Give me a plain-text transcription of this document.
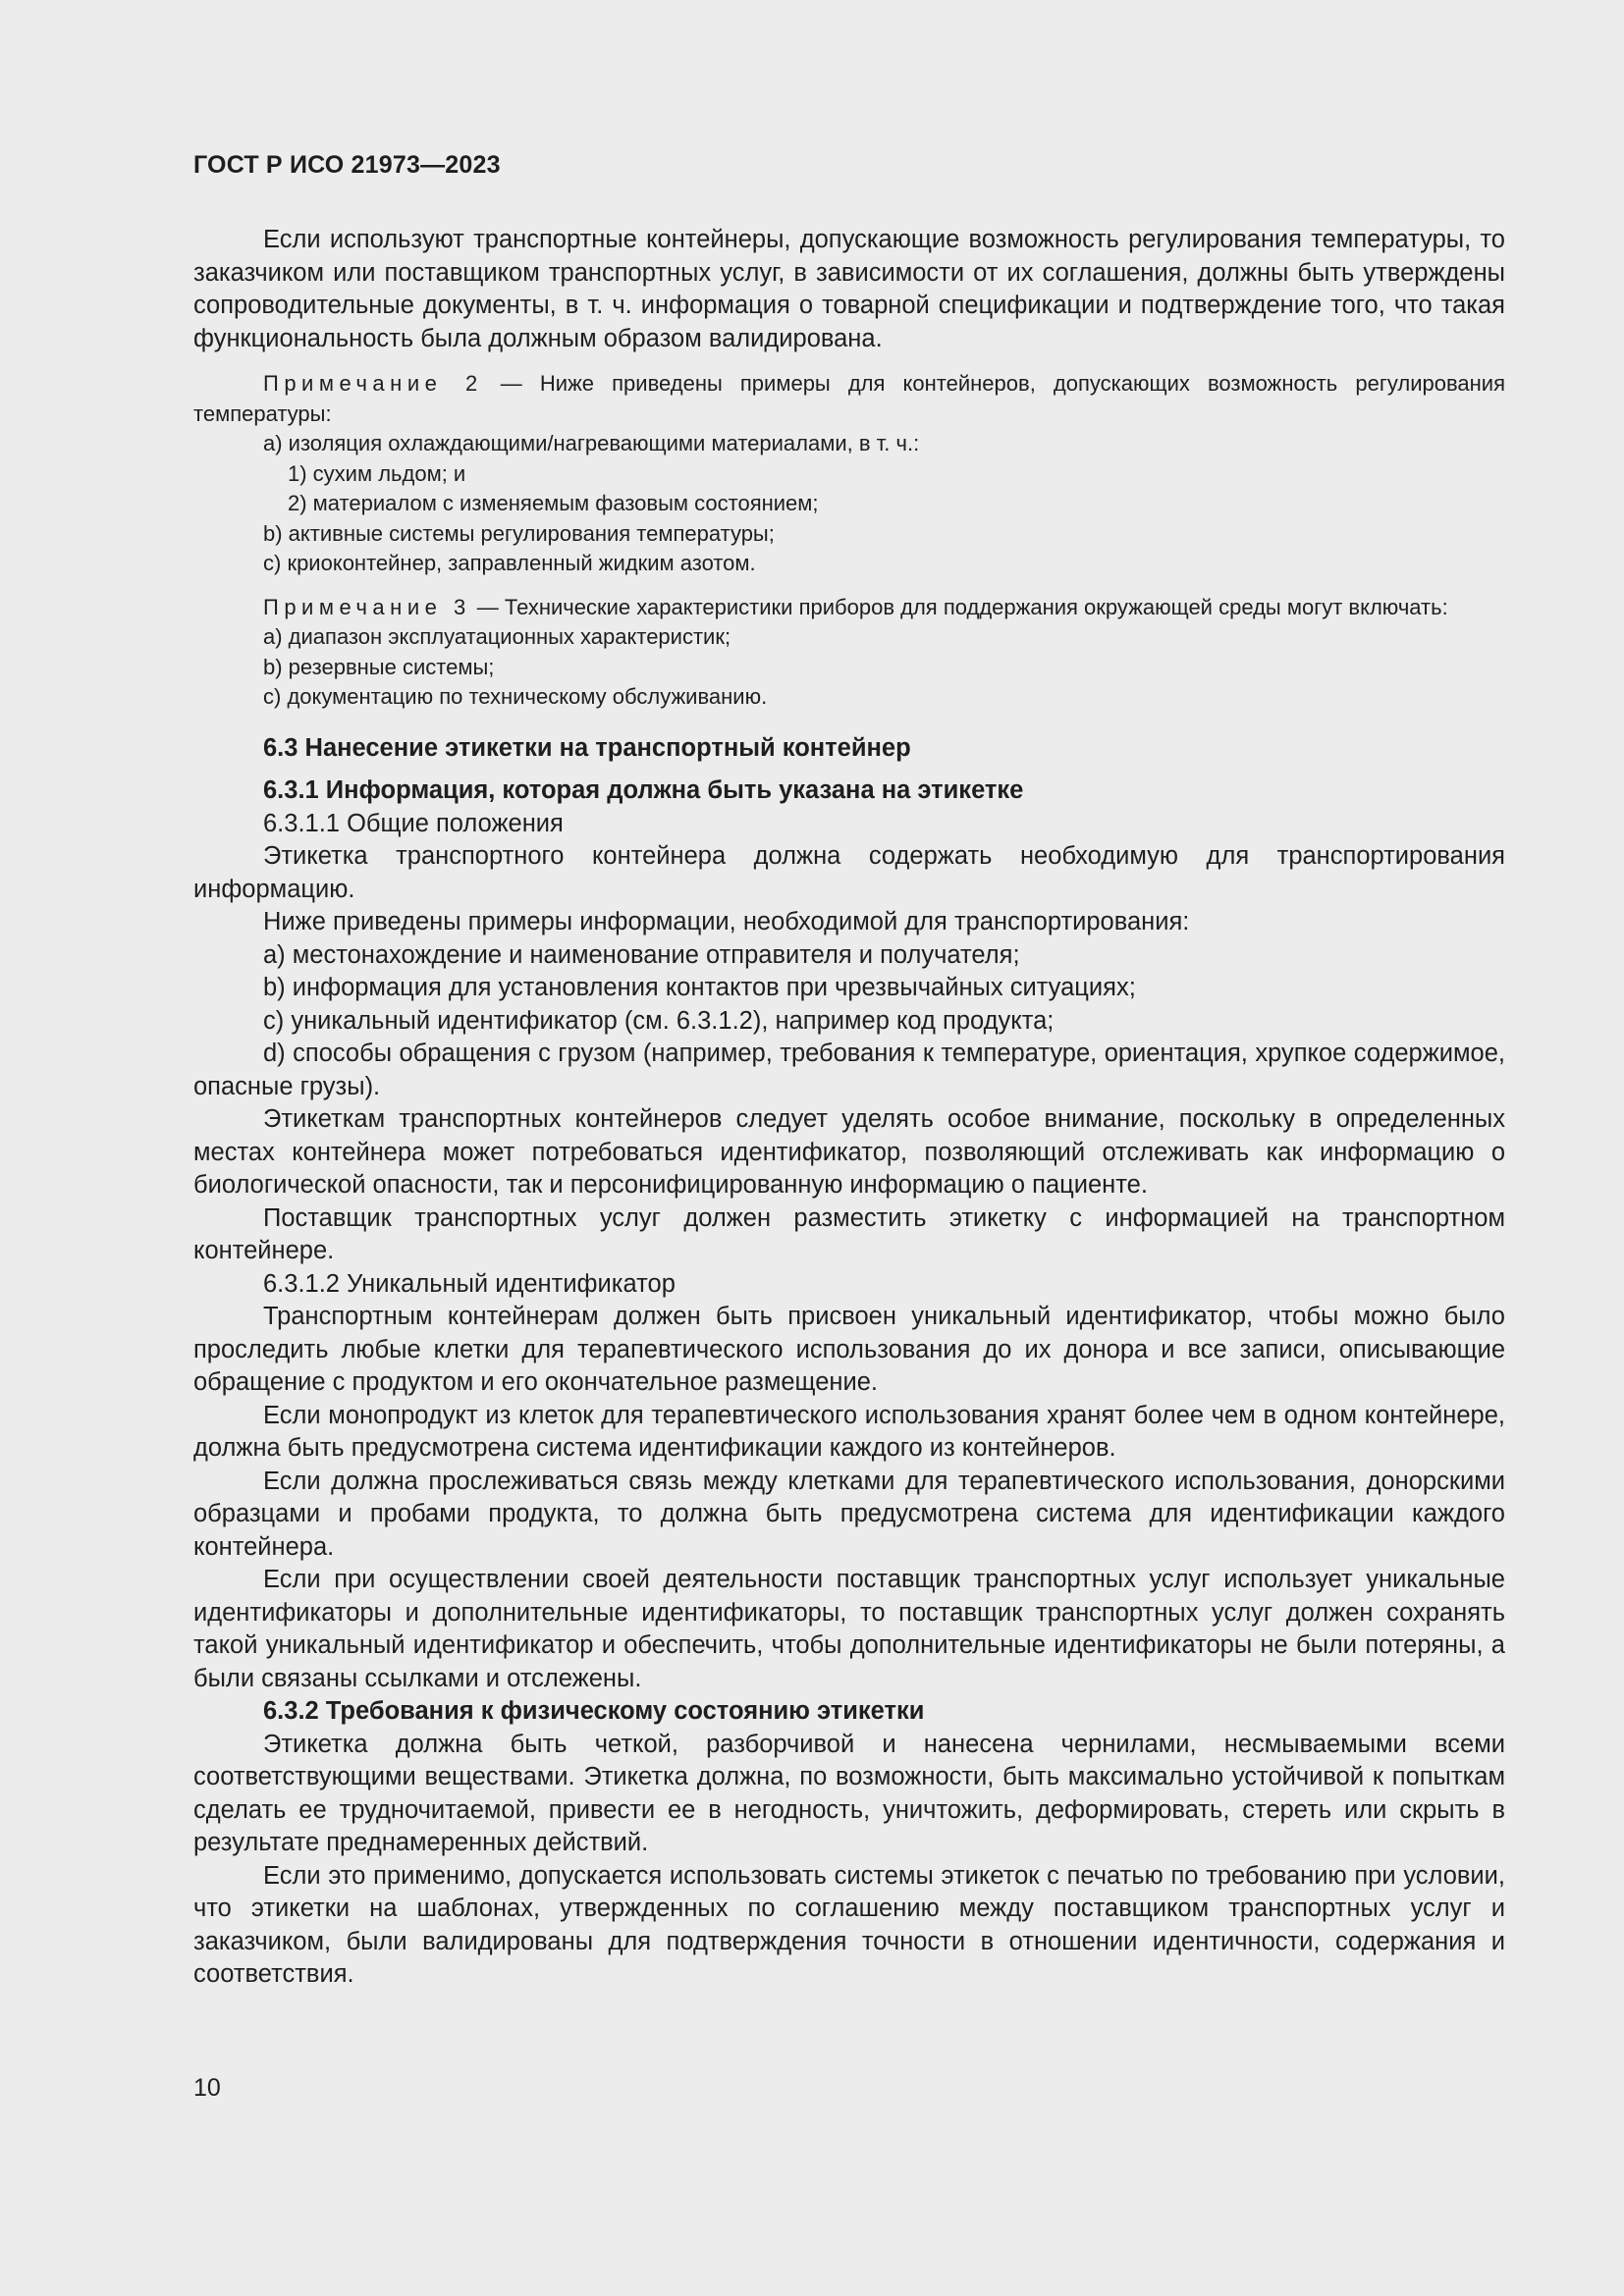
ГОСТ Р ИСО 21973—2023

Если используют транспортные контейнеры, допускающие возможность регулирования температуры, то заказчиком или поставщиком транспортных услуг, в зависимости от их соглашения, должны быть утверждены сопроводительные документы, в т. ч. информация о товарной спецификации и подтверждение того, что такая функциональность была должным образом валидирована.

Примечание 2 — Ниже приведены примеры для контейнеров, допускающих возможность регулирования температуры:

a) изоляция охлаждающими/нагревающими материалами, в т. ч.:

1) сухим льдом; и

2) материалом с изменяемым фазовым состоянием;

b) активные системы регулирования температуры;

c) криоконтейнер, заправленный жидким азотом.

Примечание 3 — Технические характеристики приборов для поддержания окружающей среды могут включать:

a) диапазон эксплуатационных характеристик;

b) резервные системы;

c) документацию по техническому обслуживанию.

6.3 Нанесение этикетки на транспортный контейнер

6.3.1 Информация, которая должна быть указана на этикетке

6.3.1.1 Общие положения

Этикетка транспортного контейнера должна содержать необходимую для транспортирования информацию.

Ниже приведены примеры информации, необходимой для транспортирования:

a) местонахождение и наименование отправителя и получателя;

b) информация для установления контактов при чрезвычайных ситуациях;

c) уникальный идентификатор (см. 6.3.1.2), например код продукта;

d) способы обращения с грузом (например, требования к температуре, ориентация, хрупкое содержимое, опасные грузы).

Этикеткам транспортных контейнеров следует уделять особое внимание, поскольку в определенных местах контейнера может потребоваться идентификатор, позволяющий отслеживать как информацию о биологической опасности, так и персонифицированную информацию о пациенте.

Поставщик транспортных услуг должен разместить этикетку с информацией на транспортном контейнере.

6.3.1.2 Уникальный идентификатор

Транспортным контейнерам должен быть присвоен уникальный идентификатор, чтобы можно было проследить любые клетки для терапевтического использования до их донора и все записи, описывающие обращение с продуктом и его окончательное размещение.

Если монопродукт из клеток для терапевтического использования хранят более чем в одном контейнере, должна быть предусмотрена система идентификации каждого из контейнеров.

Если должна прослеживаться связь между клетками для терапевтического использования, донорскими образцами и пробами продукта, то должна быть предусмотрена система для идентификации каждого контейнера.

Если при осуществлении своей деятельности поставщик транспортных услуг использует уникальные идентификаторы и дополнительные идентификаторы, то поставщик транспортных услуг должен сохранять такой уникальный идентификатор и обеспечить, чтобы дополнительные идентификаторы не были потеряны, а были связаны ссылками и отслежены.

6.3.2 Требования к физическому состоянию этикетки

Этикетка должна быть четкой, разборчивой и нанесена чернилами, несмываемыми всеми соответствующими веществами. Этикетка должна, по возможности, быть максимально устойчивой к попыткам сделать ее трудночитаемой, привести ее в негодность, уничтожить, деформировать, стереть или скрыть в результате преднамеренных действий.

Если это применимо, допускается использовать системы этикеток с печатью по требованию при условии, что этикетки на шаблонах, утвержденных по соглашению между поставщиком транспортных услуг и заказчиком, были валидированы для подтверждения точности в отношении идентичности, содержания и соответствия.

10
